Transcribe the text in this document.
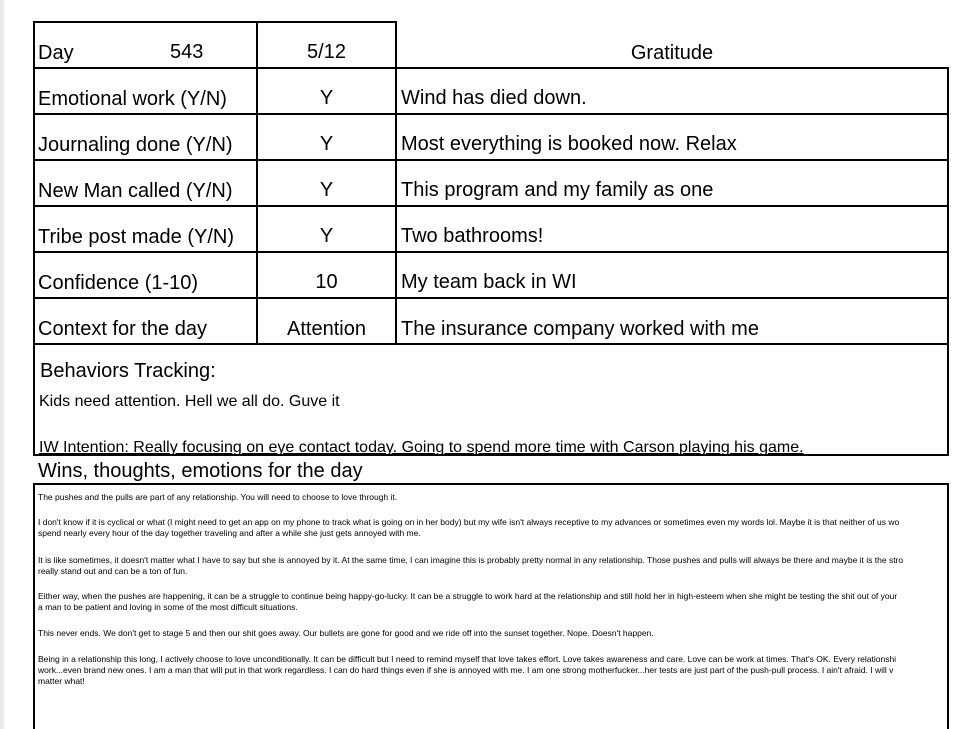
Day	543	5/12	Gratitude
Emotional work (Y/N)	Y	Wind has died down.
Journaling done (Y/N)	Y	Most everything is booked now. Relax
New Man called (Y/N)	Y	This program and my family as one
Tribe post made (Y/N)	Y	Two bathrooms!
Confidence (1-10)	10	My team back in WI
Context for the day	Attention	The insurance company worked with me
Behaviors Tracking:
Kids need attention. Hell we all do. Guve it
IW Intention: Really focusing on eye contact today. Going to spend more time with Carson playing his game.
Wins, thoughts, emotions for the day
The pushes and the pulls are part of any relationship. You will need to choose to love through it.
I don't know if it is cyclical or what (I might need to get an app on my phone to track what is going on in her body) but my wife isn't always receptive to my advances or sometimes even my words lol. Maybe it is that neither of us wo
spend nearly every hour of the day together traveling and after a while she just gets annoyed with me.
It is like sometimes, it doesn't matter what I have to say but she is annoyed by it. At the same time, I can imagine this is probably pretty normal in any relationship. Those pushes and pulls will always be there and maybe it is the stro
really stand out and can be a ton of fun.
Either way, when the pushes are happening, it can be a struggle to continue being happy-go-lucky. It can be a struggle to work hard at the relationship and still hold her in high-esteem when she might be testing the shit out of your
a man to be patient and loving in some of the most difficult situations.
This never ends. We don't get to stage 5 and then our shit goes away. Our bullets are gone for good and we ride off into the sunset together. Nope. Doesn't happen.
Being in a relationship this long, I actively choose to love unconditionally. It can be difficult but I need to remind myself that love takes effort. Love takes awareness and care. Love can be work at times. That's OK. Every relationshi
work...even brand new ones. I am a man that will put in that work regardless. I can do hard things even if she is annoyed with me. I am one strong motherfucker...her tests are just part of the push-pull process. I ain't afraid. I will v
matter what!
